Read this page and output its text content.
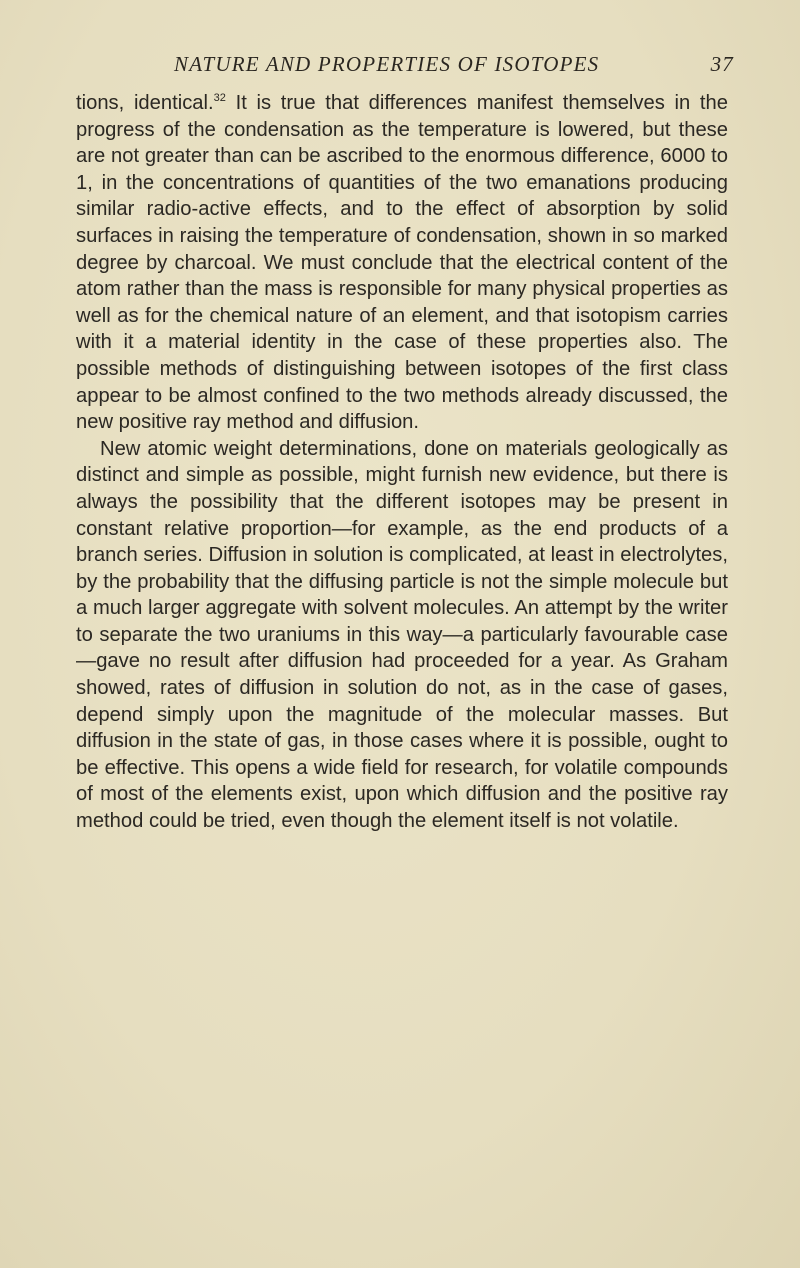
NATURE AND PROPERTIES OF ISOTOPES	37

tions, identical.$^{32}$ It is true that differences manifest themselves in the progress of the condensation as the temperature is lowered, but these are not greater than can be ascribed to the enormous difference, 6000 to 1, in the concentrations of quantities of the two emanations producing similar radio-active effects, and to the effect of absorption by solid surfaces in raising the temperature of condensation, shown in so marked degree by charcoal. We must conclude that the electrical content of the atom rather than the mass is responsible for many physical properties as well as for the chemical nature of an element, and that isotopism carries with it a material identity in the case of these properties also. The possible methods of distinguishing between isotopes of the first class appear to be almost confined to the two methods already discussed, the new positive ray method and diffusion.

New atomic weight determinations, done on materials geologically as distinct and simple as possible, might furnish new evidence, but there is always the possibility that the different isotopes may be present in constant relative proportion—for example, as the end products of a branch series. Diffusion in solution is complicated, at least in electrolytes, by the probability that the diffusing particle is not the simple molecule but a much larger aggregate with solvent molecules. An attempt by the writer to separate the two uraniums in this way—a particularly favourable case—gave no result after diffusion had proceeded for a year. As Graham showed, rates of diffusion in solution do not, as in the case of gases, depend simply upon the magnitude of the molecular masses. But diffusion in the state of gas, in those cases where it is possible, ought to be effective. This opens a wide field for research, for volatile compounds of most of the elements exist, upon which diffusion and the positive ray method could be tried, even though the element itself is not volatile.
